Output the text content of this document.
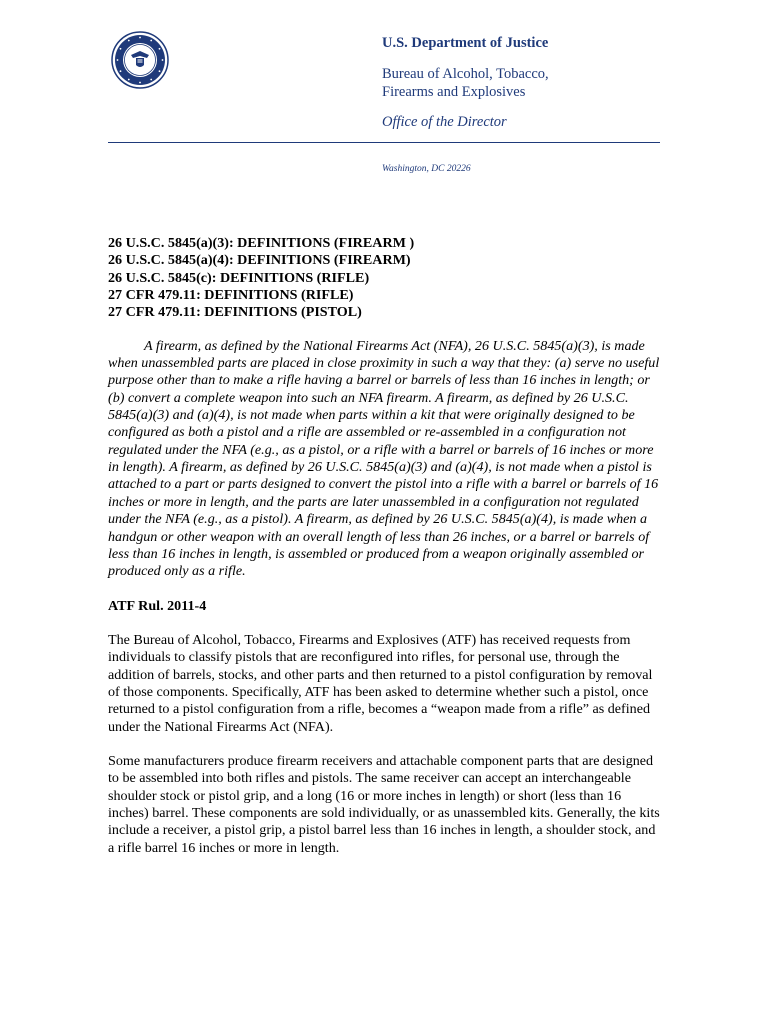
U.S. Department of Justice

Bureau of Alcohol, Tobacco,
Firearms and Explosives

Office of the Director

Washington, DC 20226
26 U.S.C. 5845(a)(3): DEFINITIONS (FIREARM )
26 U.S.C. 5845(a)(4): DEFINITIONS (FIREARM)
26 U.S.C. 5845(c): DEFINITIONS (RIFLE)
27 CFR 479.11: DEFINITIONS (RIFLE)
27 CFR 479.11: DEFINITIONS (PISTOL)

A firearm, as defined by the National Firearms Act (NFA), 26 U.S.C. 5845(a)(3), is made when unassembled parts are placed in close proximity in such a way that they: (a) serve no useful purpose other than to make a rifle having a barrel or barrels of less than 16 inches in length; or (b) convert a complete weapon into such an NFA firearm. A firearm, as defined by 26 U.S.C. 5845(a)(3) and (a)(4), is not made when parts within a kit that were originally designed to be configured as both a pistol and a rifle are assembled or re-assembled in a configuration not regulated under the NFA (e.g., as a pistol, or a rifle with a barrel or barrels of 16 inches or more in length). A firearm, as defined by 26 U.S.C. 5845(a)(3) and (a)(4), is not made when a pistol is attached to a part or parts designed to convert the pistol into a rifle with a barrel or barrels of 16 inches or more in length, and the parts are later unassembled in a configuration not regulated under the NFA (e.g., as a pistol). A firearm, as defined by 26 U.S.C. 5845(a)(4), is made when a handgun or other weapon with an overall length of less than 26 inches, or a barrel or barrels of less than 16 inches in length, is assembled or produced from a weapon originally assembled or produced only as a rifle.

ATF Rul. 2011-4

The Bureau of Alcohol, Tobacco, Firearms and Explosives (ATF) has received requests from individuals to classify pistols that are reconfigured into rifles, for personal use, through the addition of barrels, stocks, and other parts and then returned to a pistol configuration by removal of those components. Specifically, ATF has been asked to determine whether such a pistol, once returned to a pistol configuration from a rifle, becomes a “weapon made from a rifle” as defined under the National Firearms Act (NFA).

Some manufacturers produce firearm receivers and attachable component parts that are designed to be assembled into both rifles and pistols. The same receiver can accept an interchangeable shoulder stock or pistol grip, and a long (16 or more inches in length) or short (less than 16 inches) barrel. These components are sold individually, or as unassembled kits. Generally, the kits include a receiver, a pistol grip, a pistol barrel less than 16 inches in length, a shoulder stock, and a rifle barrel 16 inches or more in length.
